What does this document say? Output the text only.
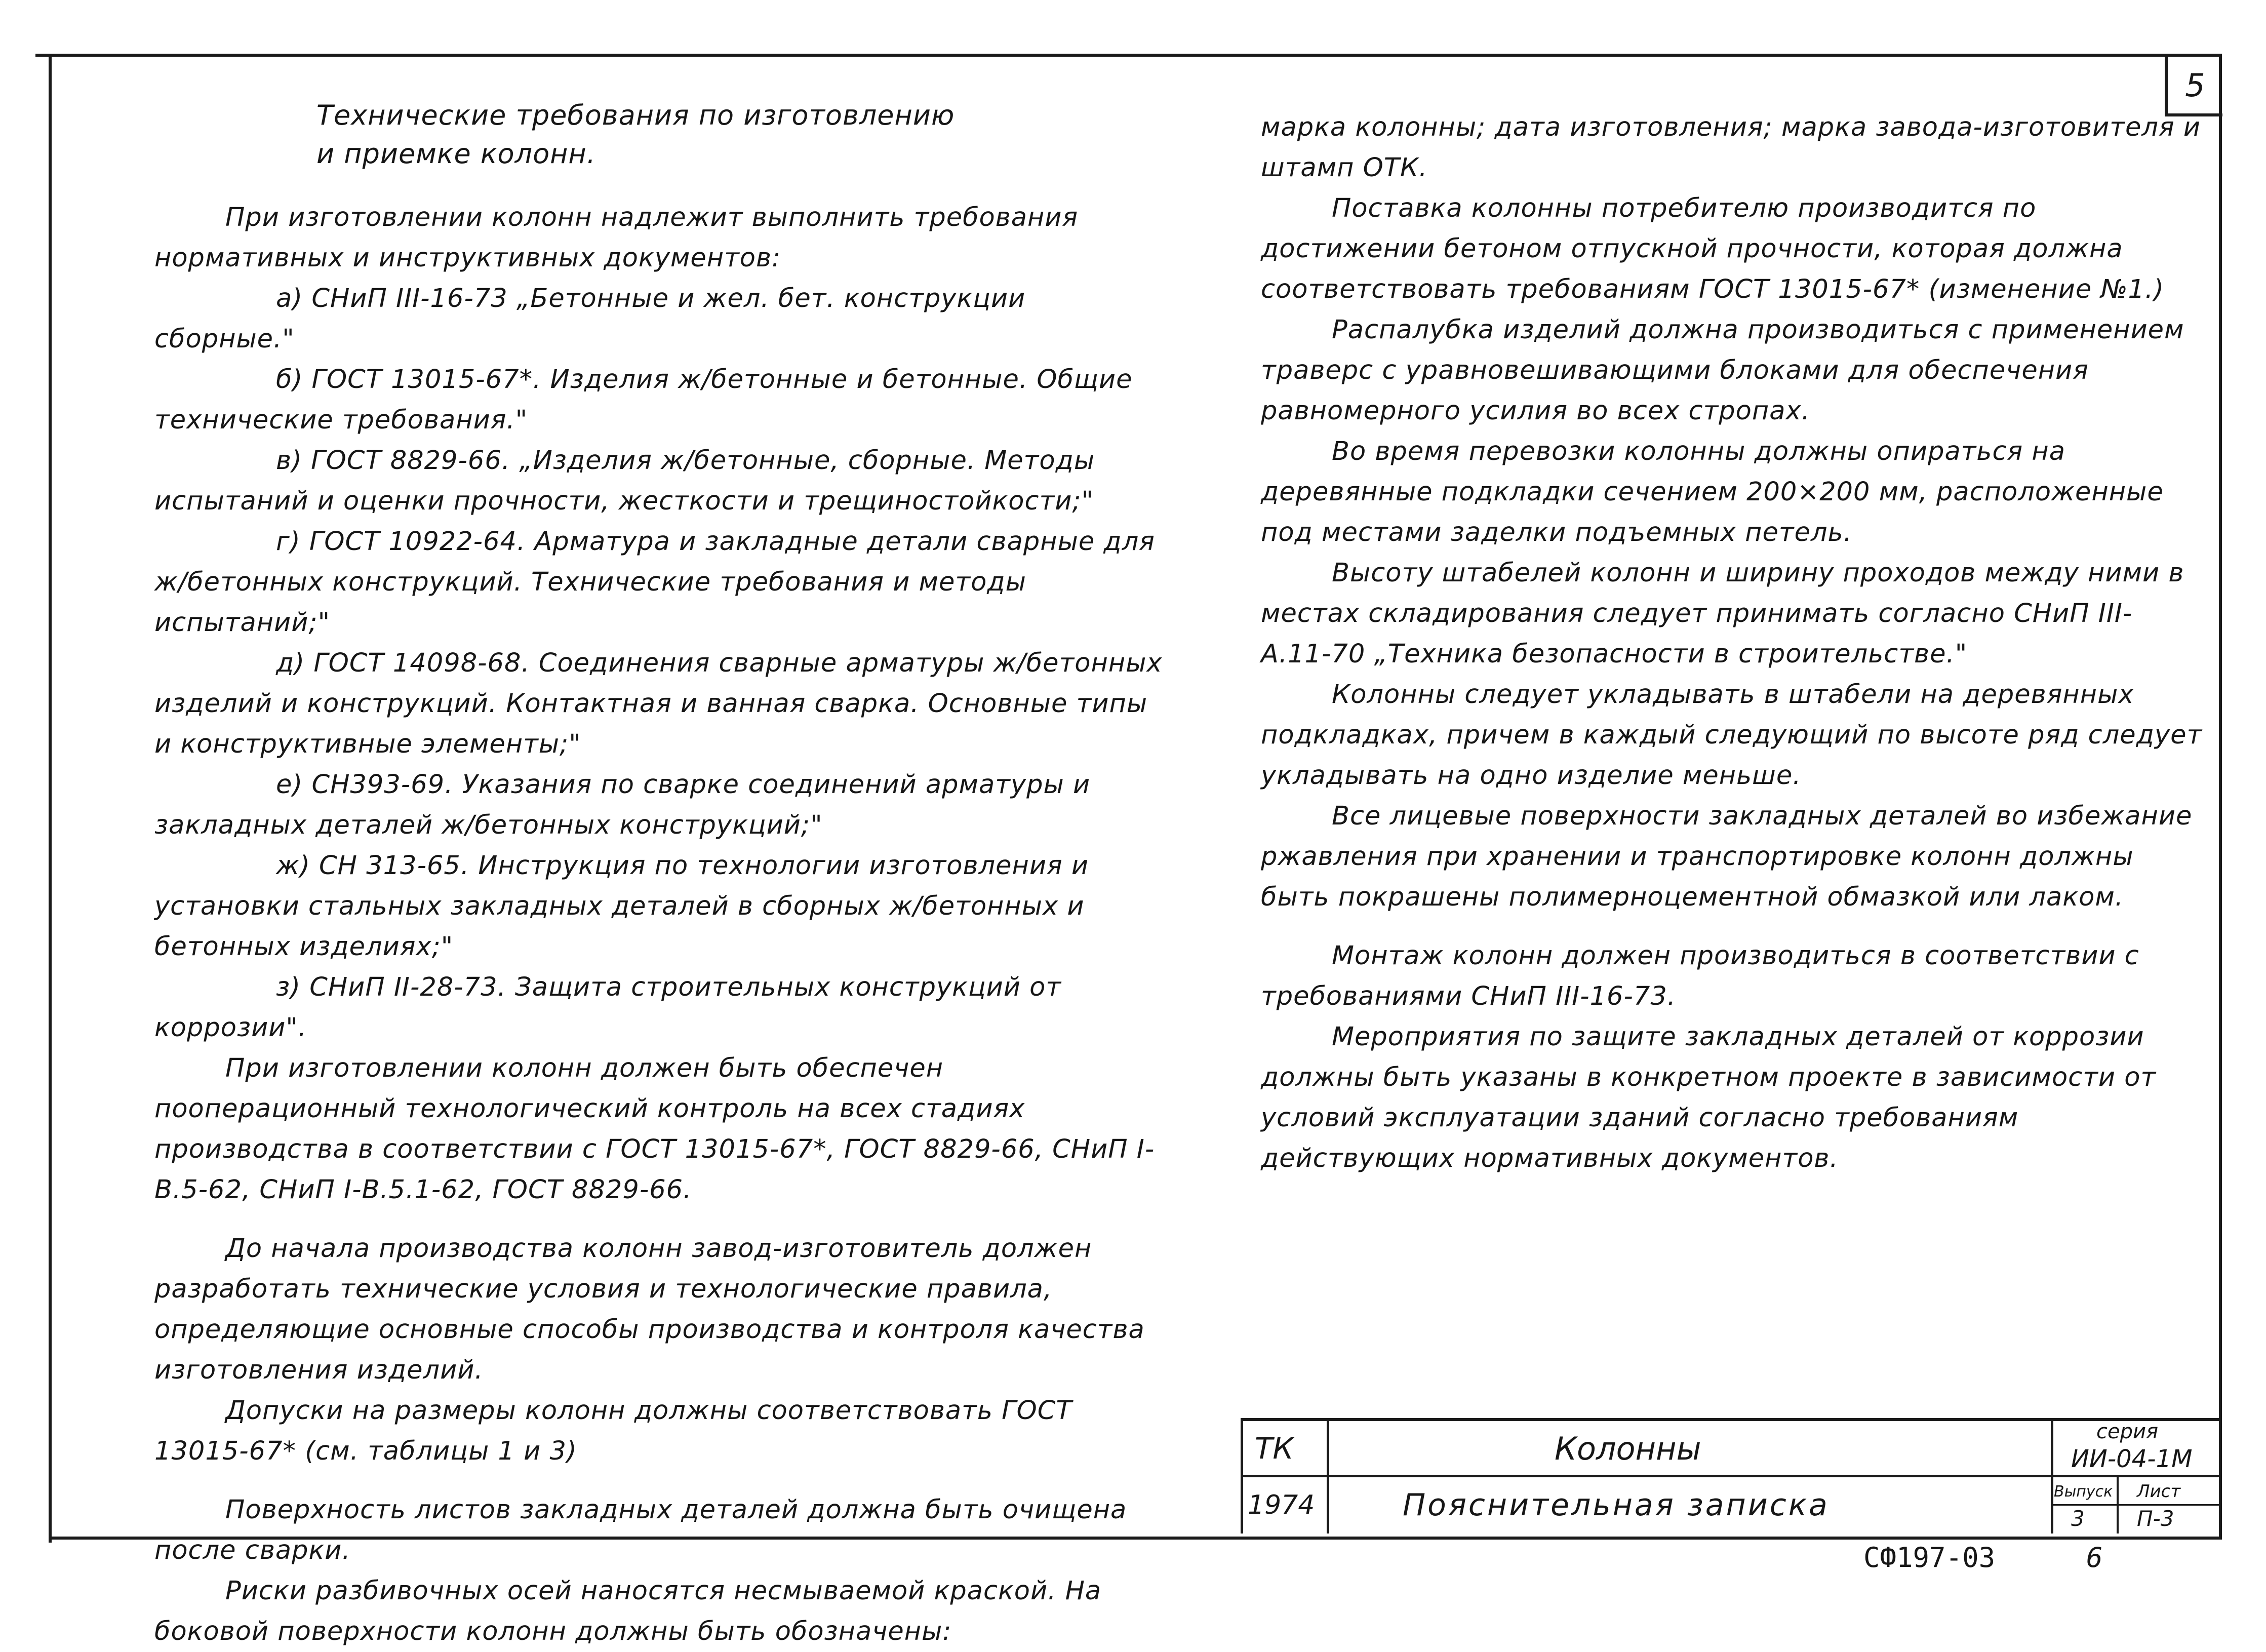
5
Технические требования по изготовлению
и приемке колонн.

При изготовлении колонн надлежит выполнить требования нормативных и инструктивных документов:

а) СНиП III-16-73 „Бетонные и жел. бет. конструкции сборные."

б) ГОСТ 13015-67*. Изделия ж/бетонные и бетонные. Общие технические требования."

в) ГОСТ 8829-66. „Изделия ж/бетонные, сборные. Методы испытаний и оценки прочности, жесткости и трещиностойкости;"

г) ГОСТ 10922-64. Арматура и закладные детали сварные для ж/бетонных конструкций. Технические требования и методы испытаний;"

д) ГОСТ 14098-68. Соединения сварные арматуры ж/бетонных изделий и конструкций. Контактная и ванная сварка. Основные типы и конструктивные элементы;"

е) СН393-69. Указания по сварке соединений арматуры и закладных деталей ж/бетонных конструкций;"

ж) СН 313-65. Инструкция по технологии изготовления и установки стальных закладных деталей в сборных ж/бетонных и бетонных изделиях;"

з) СНиП II-28-73. Защита строительных конструкций от коррозии".

При изготовлении колонн должен быть обеспечен пооперационный технологический контроль на всех стадиях производства в соответствии с ГОСТ 13015-67*, ГОСТ 8829-66, СНиП I-В.5-62, СНиП I-В.5.1-62, ГОСТ 8829-66.

До начала производства колонн завод-изготовитель должен разработать технические условия и технологические правила, определяющие основные способы производства и контроля качества изготовления изделий.

Допуски на размеры колонн должны соответствовать ГОСТ 13015-67* (см. таблицы 1 и 3)

Поверхность листов закладных деталей должна быть очищена после сварки.

Риски разбивочных осей наносятся несмываемой краской. На боковой поверхности колонн должны быть обозначены:

марка колонны; дата изготовления; марка завода-изготовителя и штамп ОТК.

Поставка колонны потребителю производится по достижении бетоном отпускной прочности, которая должна соответствовать требованиям ГОСТ 13015-67* (изменение №1.)

Распалубка изделий должна производиться с применением траверс с уравновешивающими блоками для обеспечения равномерного усилия во всех стропах.

Во время перевозки колонны должны опираться на деревянные подкладки сечением 200×200 мм, расположенные под местами заделки подъемных петель.

Высоту штабелей колонн и ширину проходов между ними в местах складирования следует принимать согласно СНиП III-А.11-70 „Техника безопасности в строительстве."

Колонны следует укладывать в штабели на деревянных подкладках, причем в каждый следующий по высоте ряд следует укладывать на одно изделие меньше.

Все лицевые поверхности закладных деталей во избежание ржавления при хранении и транспортировке колонн должны быть покрашены полимерноцементной обмазкой или лаком.

Монтаж колонн должен производиться в соответствии с требованиями СНиП III-16-73.

Мероприятия по защите закладных деталей от коррозии должны быть указаны в конкретном проекте в зависимости от условий эксплуатации зданий согласно требованиям действующих нормативных документов.

ТК
1974
Колонны
Пояснительная записка
серия
ИИ-04-1М
Выпуск
3
Лист
П-3
СФ197-03	6
